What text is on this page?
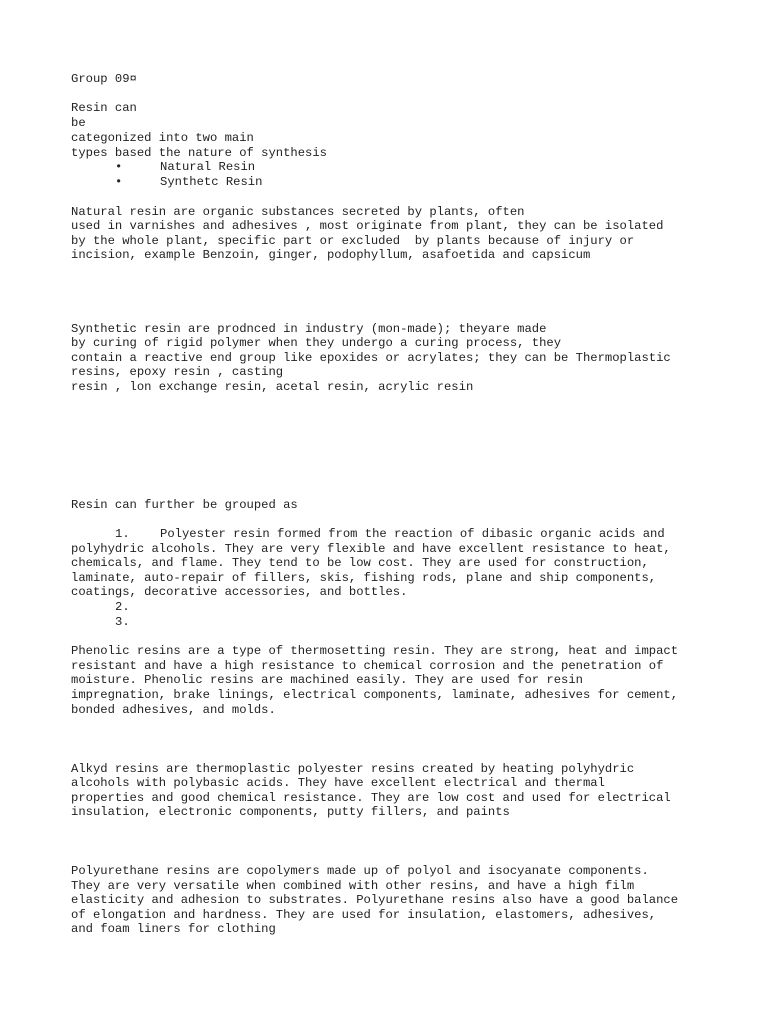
Group 09¤
Resin can
be
categonized into two main
types based the nature of synthesis
•	Natural Resin
•	Synthetc Resin
Natural resin are organic substances secreted by plants, often
used in varnishes and adhesives , most originate from plant, they can be isolated
by the whole plant, specific part or excluded  by plants because of injury or
incision, example Benzoin, ginger, podophyllum, asafoetida and capsicum
Synthetic resin are prodnced in industry (mon-made); theyare made
by curing of rigid polymer when they undergo a curing process, they
contain a reactive end group like epoxides or acrylates; they can be Thermoplastic
resins, epoxy resin , casting
resin , lon exchange resin, acetal resin, acrylic resin
Resin can further be grouped as
1. Polyester resin formed from the reaction of dibasic organic acids and
polyhydric alcohols. They are very flexible and have excellent resistance to heat,
chemicals, and flame. They tend to be low cost. They are used for construction,
laminate, auto-repair of fillers, skis, fishing rods, plane and ship components,
coatings, decorative accessories, and bottles.
2.
3.
Phenolic resins are a type of thermosetting resin. They are strong, heat and impact
resistant and have a high resistance to chemical corrosion and the penetration of
moisture. Phenolic resins are machined easily. They are used for resin
impregnation, brake linings, electrical components, laminate, adhesives for cement,
bonded adhesives, and molds.
Alkyd resins are thermoplastic polyester resins created by heating polyhydric
alcohols with polybasic acids. They have excellent electrical and thermal
properties and good chemical resistance. They are low cost and used for electrical
insulation, electronic components, putty fillers, and paints
Polyurethane resins are copolymers made up of polyol and isocyanate components.
They are very versatile when combined with other resins, and have a high film
elasticity and adhesion to substrates. Polyurethane resins also have a good balance
of elongation and hardness. They are used for insulation, elastomers, adhesives,
and foam liners for clothing
